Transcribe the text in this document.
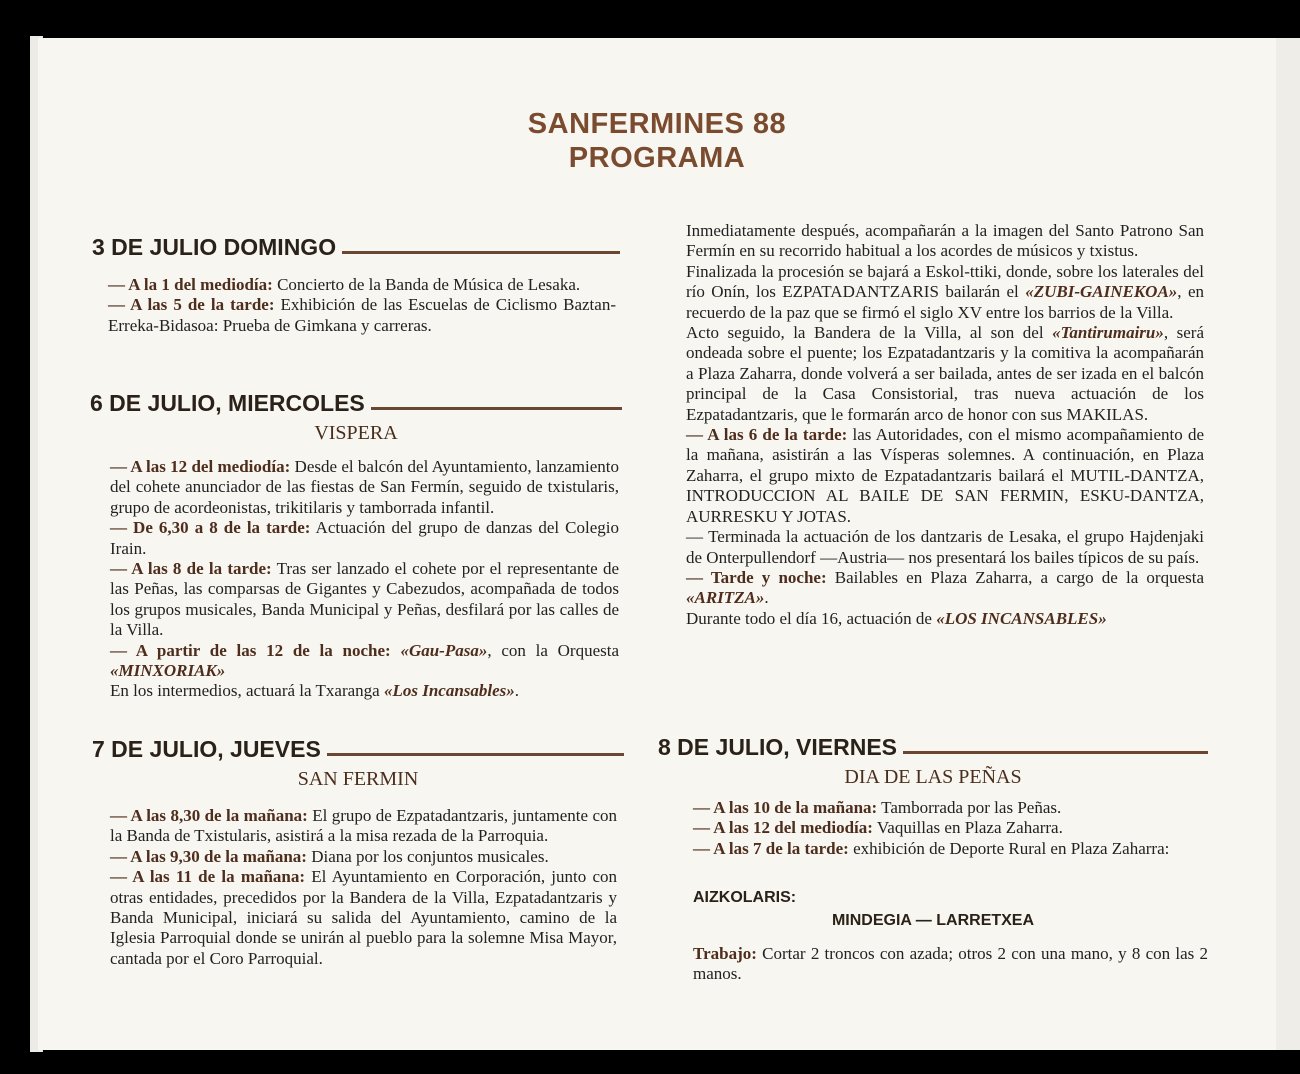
SANFERMINES 88
PROGRAMA
3 DE JULIO DOMINGO

— A la 1 del mediodía: Concierto de la Banda de Música de Lesaka.

— A las 5 de la tarde: Exhibición de las Escuelas de Ciclismo Baztan-Erreka-Bidasoa: Prueba de Gimkana y carreras.

6 DE JULIO, MIERCOLES
VISPERA

— A las 12 del mediodía: Desde el balcón del Ayuntamiento, lanzamiento del cohete anunciador de las fiestas de San Fermín, seguido de txistularis, grupo de acordeonistas, trikitilaris y tamborrada infantil.

— De 6,30 a 8 de la tarde: Actuación del grupo de danzas del Colegio Irain.

— A las 8 de la tarde: Tras ser lanzado el cohete por el representante de las Peñas, las comparsas de Gigantes y Cabezudos, acompañada de todos los grupos musicales, Banda Municipal y Peñas, desfilará por las calles de la Villa.

— A partir de las 12 de la noche: «Gau-Pasa», con la Orquesta «MINXORIAK»

En los intermedios, actuará la Txaranga «Los Incansables».

7 DE JULIO, JUEVES
SAN FERMIN

— A las 8,30 de la mañana: El grupo de Ezpatadantzaris, juntamente con la Banda de Txistularis, asistirá a la misa rezada de la Parroquia.

— A las 9,30 de la mañana: Diana por los conjuntos musicales.

— A las 11 de la mañana: El Ayuntamiento en Corporación, junto con otras entidades, precedidos por la Bandera de la Villa, Ezpatadantzaris y Banda Municipal, iniciará su salida del Ayuntamiento, camino de la Iglesia Parroquial donde se unirán al pueblo para la solemne Misa Mayor, cantada por el Coro Parroquial.

Inmediatamente después, acompañarán a la imagen del Santo Patrono San Fermín en su recorrido habitual a los acordes de músicos y txistus.

Finalizada la procesión se bajará a Eskol-ttiki, donde, sobre los laterales del río Onín, los EZPATADANTZARIS bailarán el «ZUBI-GAINEKOA», en recuerdo de la paz que se firmó el siglo XV entre los barrios de la Villa.

Acto seguido, la Bandera de la Villa, al son del «Tantirumairu», será ondeada sobre el puente; los Ezpatadantzaris y la comitiva la acompañarán a Plaza Zaharra, donde volverá a ser bailada, antes de ser izada en el balcón principal de la Casa Consistorial, tras nueva actuación de los Ezpatadantzaris, que le formarán arco de honor con sus MAKILAS.

— A las 6 de la tarde: las Autoridades, con el mismo acompañamiento de la mañana, asistirán a las Vísperas solemnes. A continuación, en Plaza Zaharra, el grupo mixto de Ezpatadantzaris bailará el MUTIL-DANTZA, INTRODUCCION AL BAILE DE SAN FERMIN, ESKU-DANTZA, AURRESKU Y JOTAS.

— Terminada la actuación de los dantzaris de Lesaka, el grupo Hajdenjaki de Onterpullendorf —Austria— nos presentará los bailes típicos de su país.

— Tarde y noche: Bailables en Plaza Zaharra, a cargo de la orquesta «ARITZA».

Durante todo el día 16, actuación de «LOS INCANSABLES»

8 DE JULIO, VIERNES
DIA DE LAS PEÑAS

— A las 10 de la mañana: Tamborrada por las Peñas.

— A las 12 del mediodía: Vaquillas en Plaza Zaharra.

— A las 7 de la tarde: exhibición de Deporte Rural en Plaza Zaharra:

AIZKOLARIS:
MINDEGIA — LARRETXEA

Trabajo: Cortar 2 troncos con azada; otros 2 con una mano, y 8 con las 2 manos.
